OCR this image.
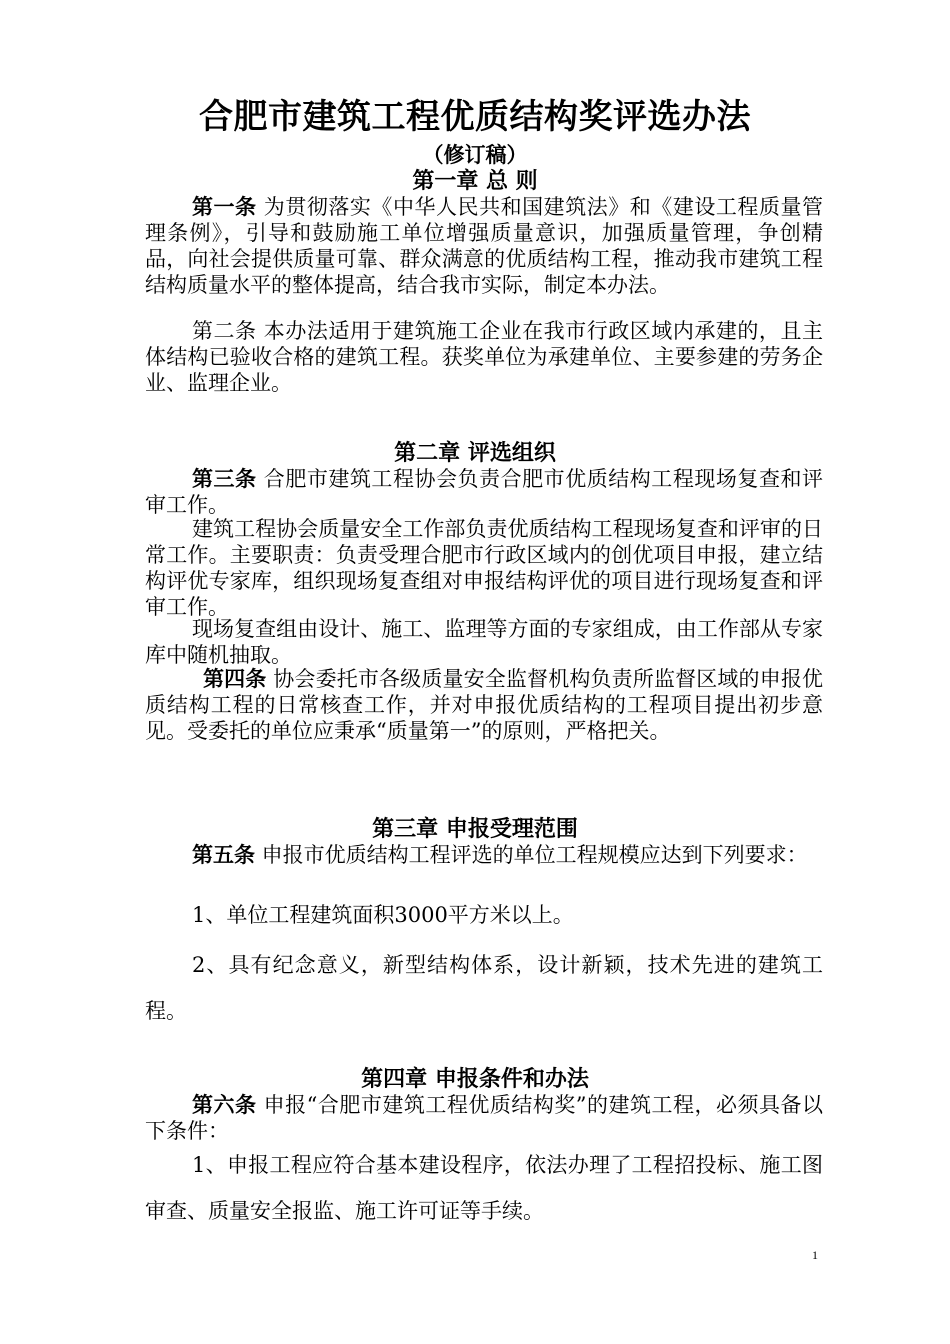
合肥市建筑工程优质结构奖评选办法
（修订稿）
第一章 总 则
第一条 为贯彻落实《中华人民共和国建筑法》和《建设工程质量管理条例》，引导和鼓励施工单位增强质量意识，加强质量管理，争创精品，向社会提供质量可靠、群众满意的优质结构工程，推动我市建筑工程结构质量水平的整体提高，结合我市实际，制定本办法。
第二条 本办法适用于建筑施工企业在我市行政区域内承建的，且主体结构已验收合格的建筑工程。获奖单位为承建单位、主要参建的劳务企业、监理企业。
第二章 评选组织
第三条 合肥市建筑工程协会负责合肥市优质结构工程现场复查和评审工作。
建筑工程协会质量安全工作部负责优质结构工程现场复查和评审的日常工作。主要职责：负责受理合肥市行政区域内的创优项目申报，建立结构评优专家库，组织现场复查组对申报结构评优的项目进行现场复查和评审工作。
现场复查组由设计、施工、监理等方面的专家组成，由工作部从专家库中随机抽取。
第四条 协会委托市各级质量安全监督机构负责所监督区域的申报优质结构工程的日常核查工作，并对申报优质结构的工程项目提出初步意见。受委托的单位应秉承“质量第一”的原则，严格把关。
第三章 申报受理范围
第五条 申报市优质结构工程评选的单位工程规模应达到下列要求：
1、单位工程建筑面积3000平方米以上。
2、具有纪念意义，新型结构体系，设计新颖，技术先进的建筑工程。
第四章 申报条件和办法
第六条 申报“合肥市建筑工程优质结构奖”的建筑工程，必须具备以下条件：
1、申报工程应符合基本建设程序，依法办理了工程招投标、施工图审查、质量安全报监、施工许可证等手续。
1
